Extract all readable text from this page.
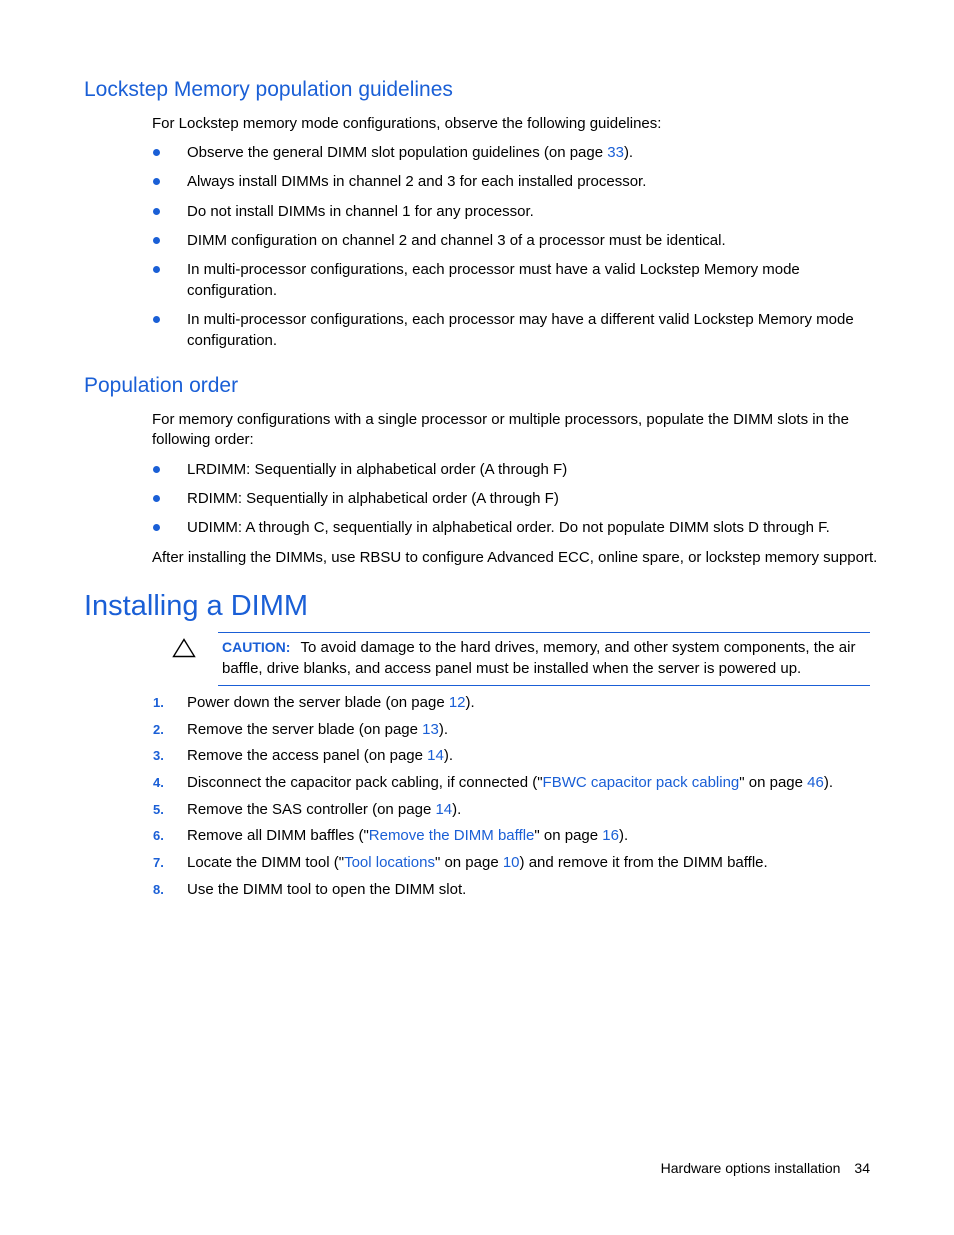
Lockstep Memory population guidelines

For Lockstep memory mode configurations, observe the following guidelines:

Observe the general DIMM slot population guidelines (on page 33).
Always install DIMMs in channel 2 and 3 for each installed processor.
Do not install DIMMs in channel 1 for any processor.
DIMM configuration on channel 2 and channel 3 of a processor must be identical.
In multi-processor configurations, each processor must have a valid Lockstep Memory mode configuration.
In multi-processor configurations, each processor may have a different valid Lockstep Memory mode configuration.
Population order

For memory configurations with a single processor or multiple processors, populate the DIMM slots in the following order:

LRDIMM: Sequentially in alphabetical order (A through F)
RDIMM: Sequentially in alphabetical order (A through F)
UDIMM: A through C, sequentially in alphabetical order. Do not populate DIMM slots D through F.

After installing the DIMMs, use RBSU to configure Advanced ECC, online spare, or lockstep memory support.

Installing a DIMM
CAUTION: To avoid damage to the hard drives, memory, and other system components, the air baffle, drive blanks, and access panel must be installed when the server is powered up.
1. Power down the server blade (on page 12).
2. Remove the server blade (on page 13).
3. Remove the access panel (on page 14).
4. Disconnect the capacitor pack cabling, if connected ("FBWC capacitor pack cabling" on page 46).
5. Remove the SAS controller (on page 14).
6. Remove all DIMM baffles ("Remove the DIMM baffle" on page 16).
7. Locate the DIMM tool ("Tool locations" on page 10) and remove it from the DIMM baffle.
8. Use the DIMM tool to open the DIMM slot.
Hardware options installation 34
